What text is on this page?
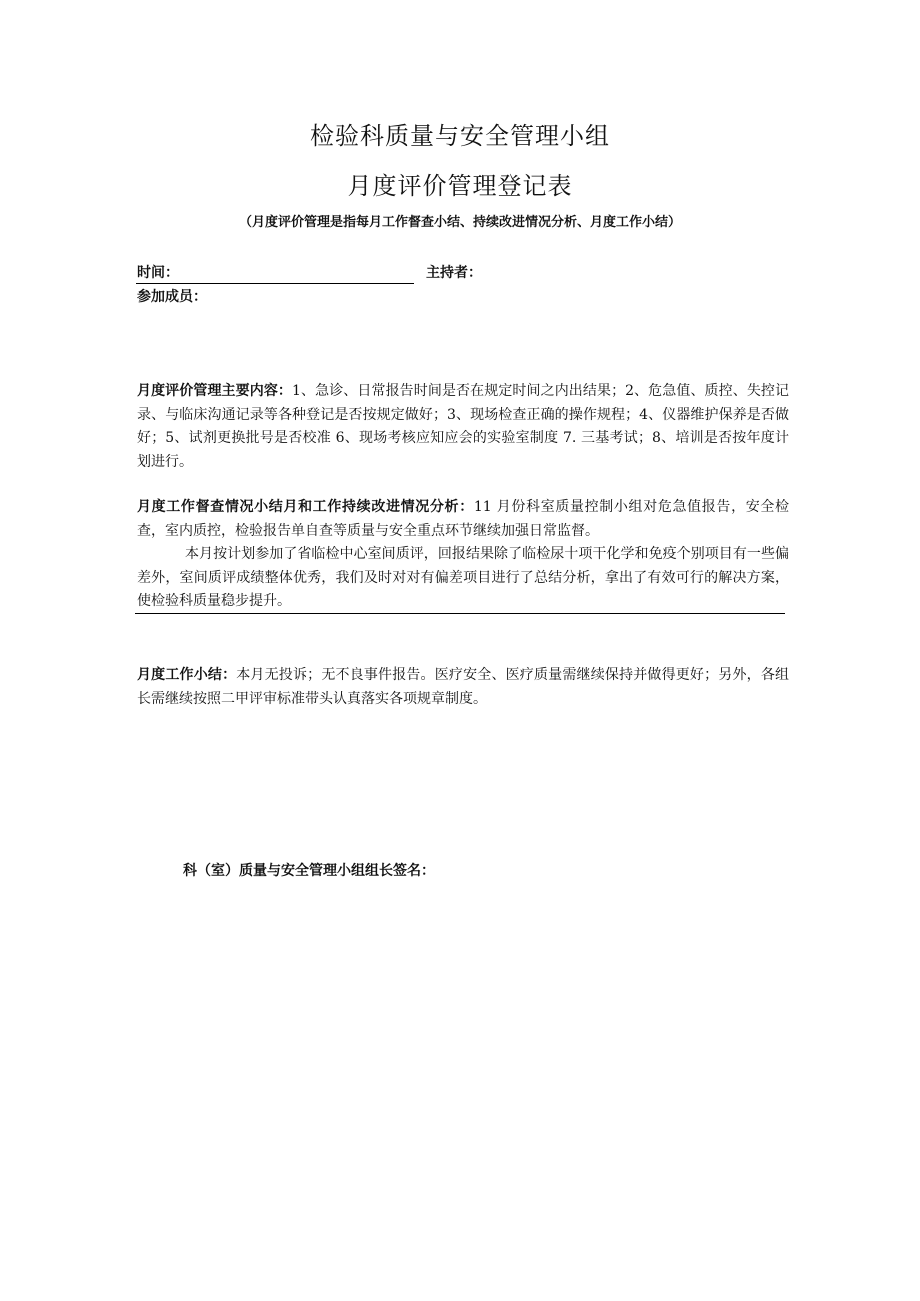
检验科质量与安全管理小组
月度评价管理登记表
（月度评价管理是指每月工作督查小结、持续改进情况分析、月度工作小结）
时间：	主持者：
参加成员：
月度评价管理主要内容：1、急诊、日常报告时间是否在规定时间之内出结果；2、危急值、质控、失控记录、与临床沟通记录等各种登记是否按规定做好；3、现场检查正确的操作规程；4、仪器维护保养是否做好；5、试剂更换批号是否校准 6、现场考核应知应会的实验室制度 7. 三基考试；8、培训是否按年度计划进行。
月度工作督查情况小结月和工作持续改进情况分析：11 月份科室质量控制小组对危急值报告，安全检查，室内质控，检验报告单自查等质量与安全重点环节继续加强日常监督。
本月按计划参加了省临检中心室间质评，回报结果除了临检尿十项干化学和免疫个别项目有一些偏差外，室间质评成绩整体优秀，我们及时对对有偏差项目进行了总结分析，拿出了有效可行的解决方案，使检验科质量稳步提升。
月度工作小结：本月无投诉；无不良事件报告。医疗安全、医疗质量需继续保持并做得更好；另外，各组长需继续按照二甲评审标准带头认真落实各项规章制度。
科（室）质量与安全管理小组组长签名：
